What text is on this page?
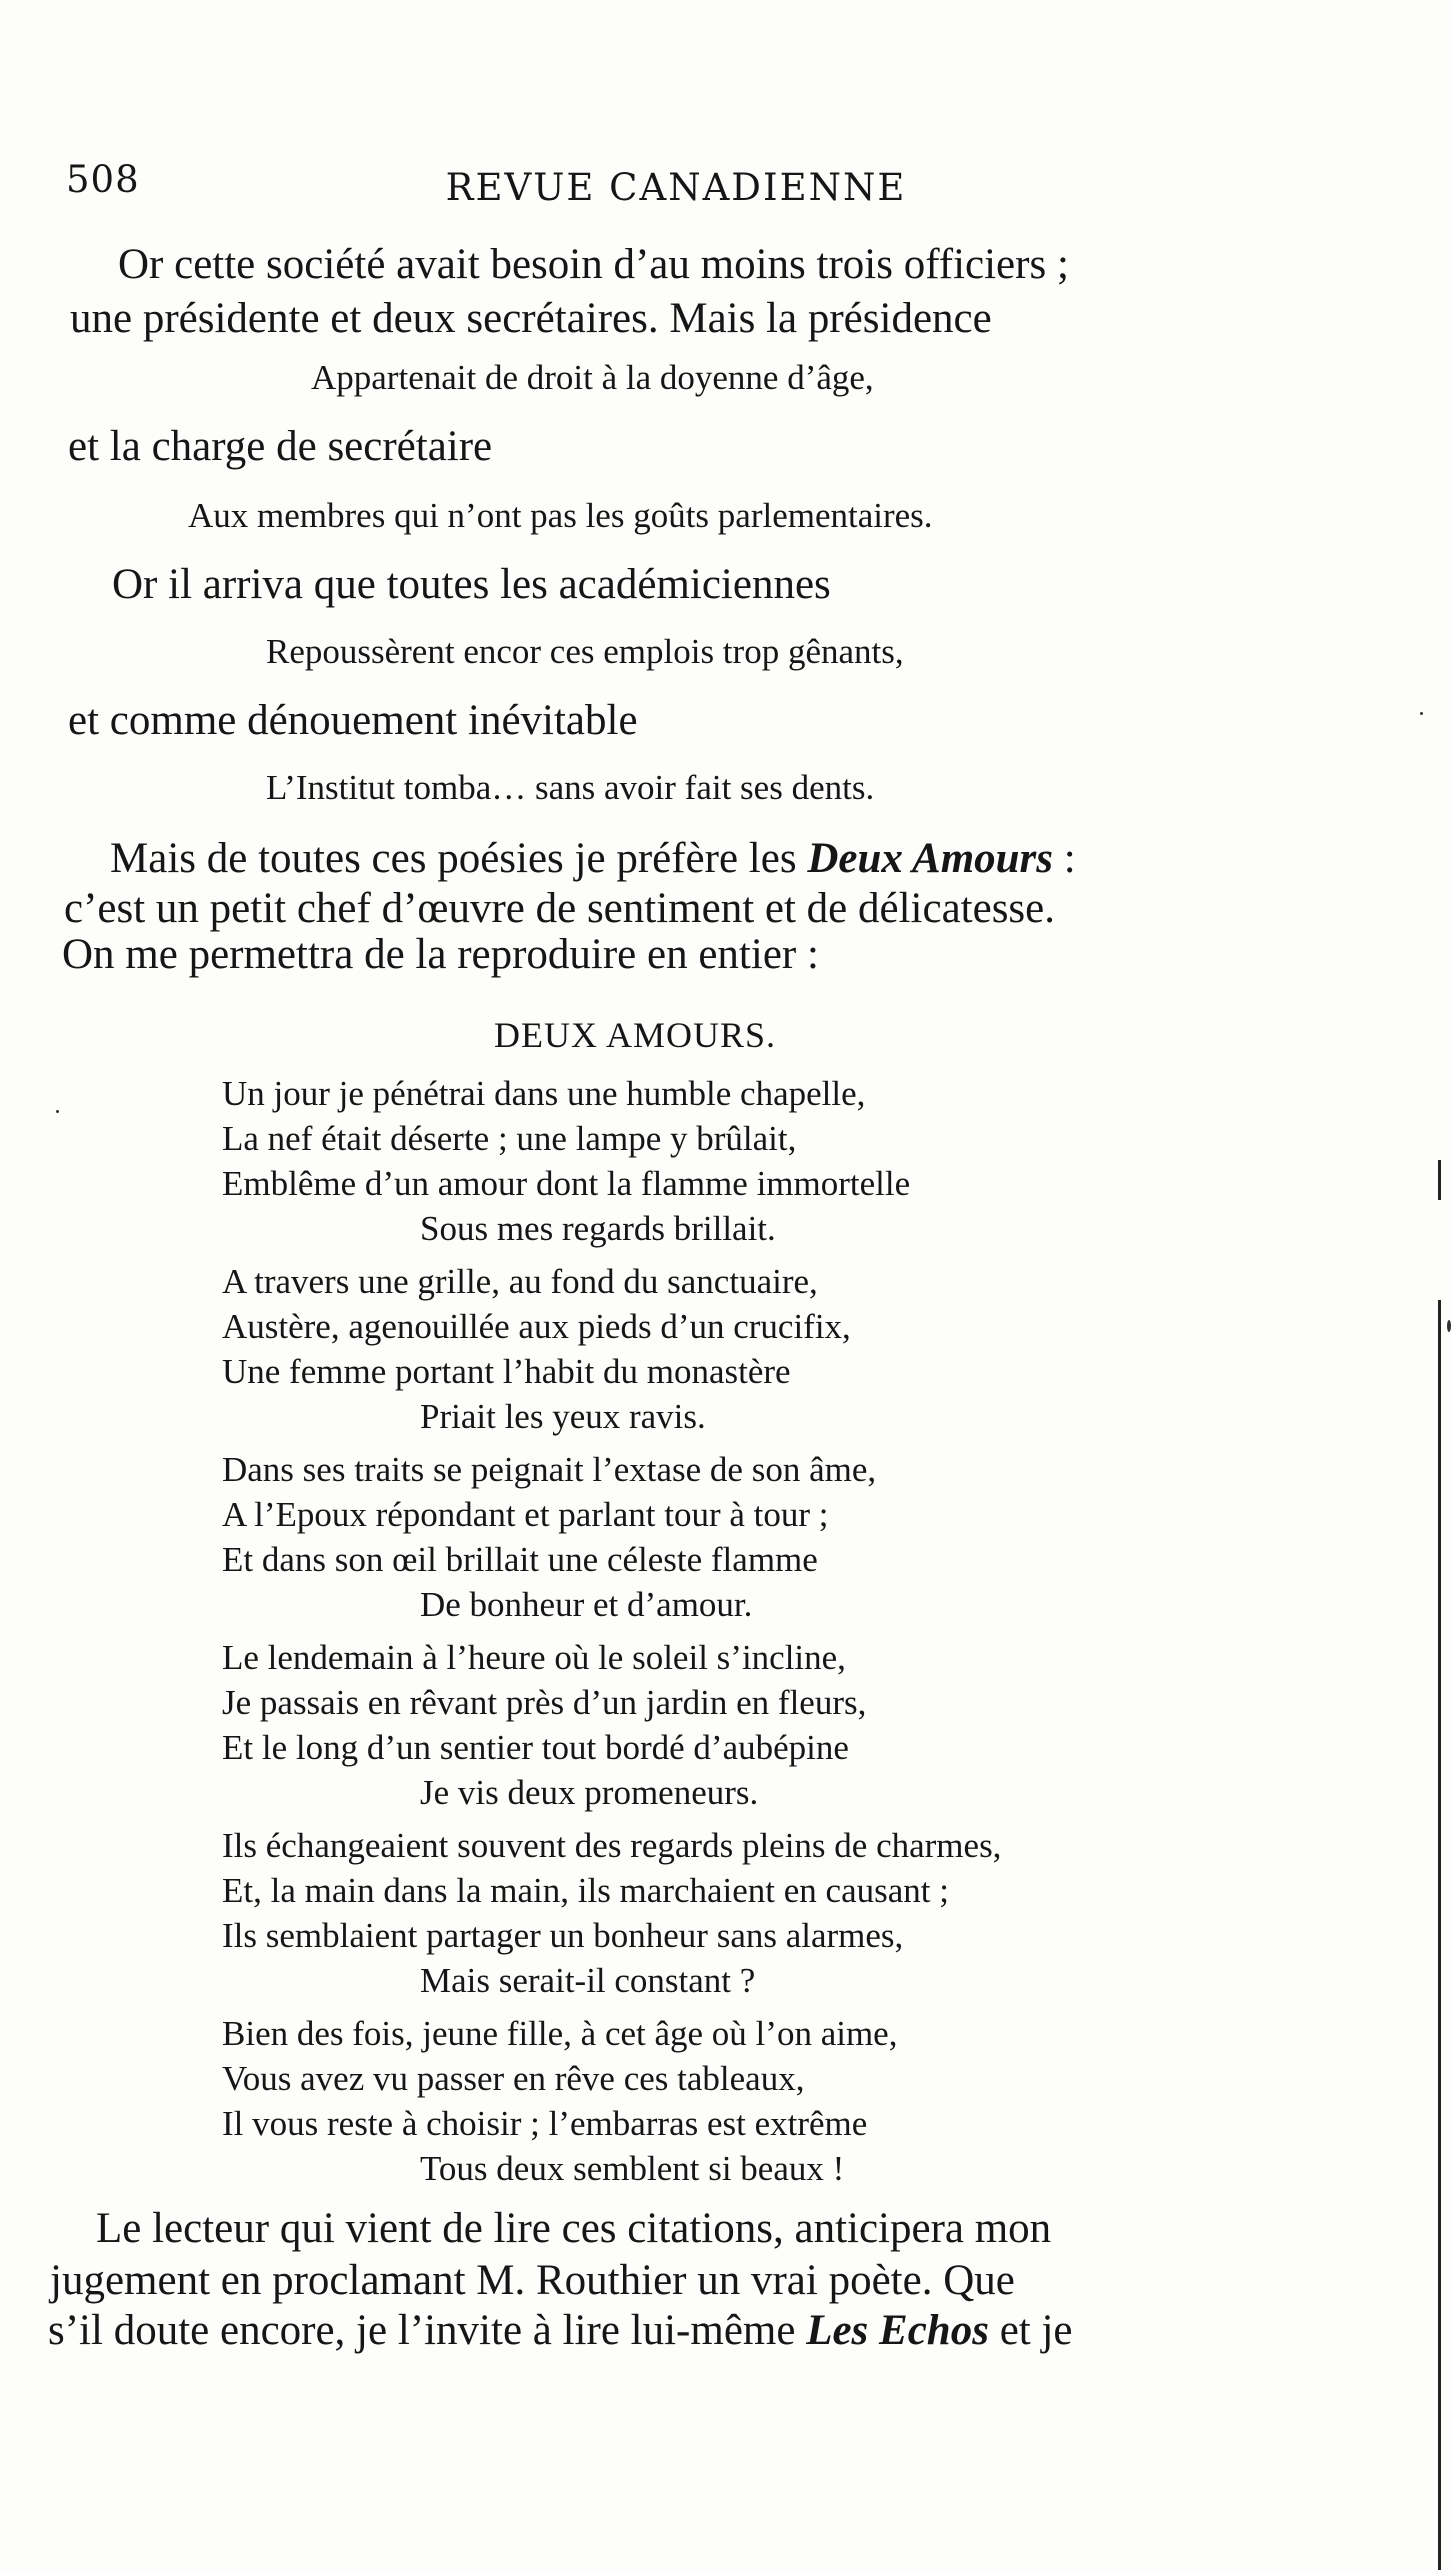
508	REVUE CANADIENNE
Or cette société avait besoin d’au moins trois officiers ;
une présidente et deux secrétaires. Mais la présidence
Appartenait de droit à la doyenne d’âge,
et la charge de secrétaire
Aux membres qui n’ont pas les goûts parlementaires.
Or il arriva que toutes les académiciennes
Repoussèrent encor ces emplois trop gênants,
et comme dénouement inévitable
L’Institut tomba… sans avoir fait ses dents.
Mais de toutes ces poésies je préfère les Deux Amours :
c’est un petit chef d’œuvre de sentiment et de délicatesse.
On me permettra de la reproduire en entier :
DEUX AMOURS.
Un jour je pénétrai dans une humble chapelle,
La nef était déserte ; une lampe y brûlait,
Emblême d’un amour dont la flamme immortelle
Sous mes regards brillait.
A travers une grille, au fond du sanctuaire,
Austère, agenouillée aux pieds d’un crucifix,
Une femme portant l’habit du monastère
Priait les yeux ravis.
Dans ses traits se peignait l’extase de son âme,
A l’Epoux répondant et parlant tour à tour ;
Et dans son œil brillait une céleste flamme
De bonheur et d’amour.
Le lendemain à l’heure où le soleil s’incline,
Je passais en rêvant près d’un jardin en fleurs,
Et le long d’un sentier tout bordé d’aubépine
Je vis deux promeneurs.
Ils échangeaient souvent des regards pleins de charmes,
Et, la main dans la main, ils marchaient en causant ;
Ils semblaient partager un bonheur sans alarmes,
Mais serait-il constant ?
Bien des fois, jeune fille, à cet âge où l’on aime,
Vous avez vu passer en rêve ces tableaux,
Il vous reste à choisir ; l’embarras est extrême
Tous deux semblent si beaux !
Le lecteur qui vient de lire ces citations, anticipera mon
jugement en proclamant M. Routhier un vrai poète. Que
s’il doute encore, je l’invite à lire lui-même Les Echos et je
